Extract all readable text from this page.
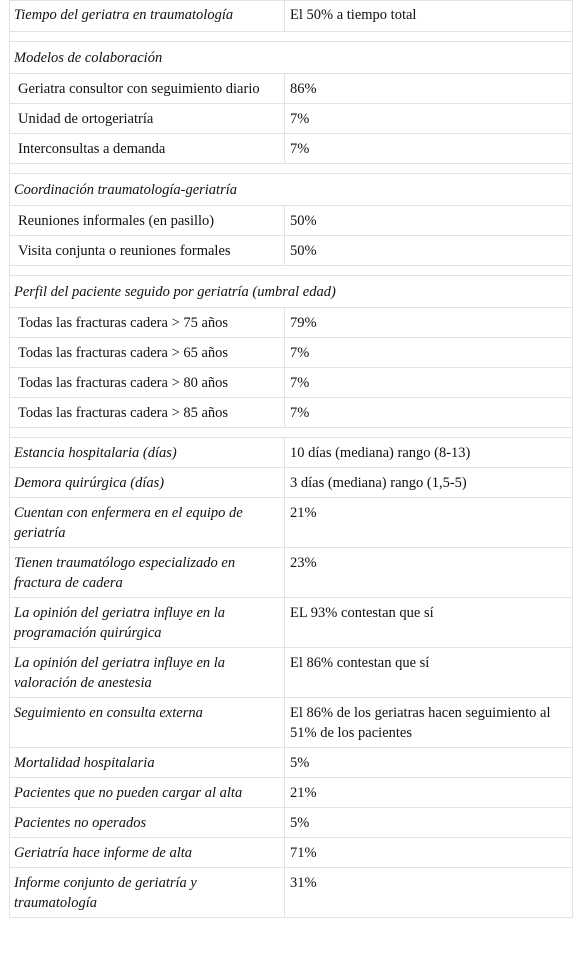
Tiempo del geriatra en traumatología	El 50% a tiempo total

Modelos de colaboración	
Geriatra consultor con seguimiento diario	86%
Unidad de ortogeriatría	7%
Interconsultas a demanda	7%

Coordinación traumatología-geriatría	
Reuniones informales (en pasillo)	50%
Visita conjunta o reuniones formales	50%

Perfil del paciente seguido por geriatría (umbral edad)	
Todas las fracturas cadera > 75 años	79%
Todas las fracturas cadera > 65 años	7%
Todas las fracturas cadera > 80 años	7%
Todas las fracturas cadera > 85 años	7%

Estancia hospitalaria (días)	10 días (mediana) rango (8-13)
Demora quirúrgica (días)	3 días (mediana) rango (1,5-5)
Cuentan con enfermera en el equipo de geriatría	21%
Tienen traumatólogo especializado en fractura de cadera	23%
La opinión del geriatra influye en la programación quirúrgica	EL 93% contestan que sí
La opinión del geriatra influye en la valoración de anestesia	El 86% contestan que sí
Seguimiento en consulta externa	El 86% de los geriatras hacen seguimiento al 51% de los pacientes
Mortalidad hospitalaria	5%
Pacientes que no pueden cargar al alta	21%
Pacientes no operados	5%
Geriatría hace informe de alta	71%
Informe conjunto de geriatría y traumatología	31%
